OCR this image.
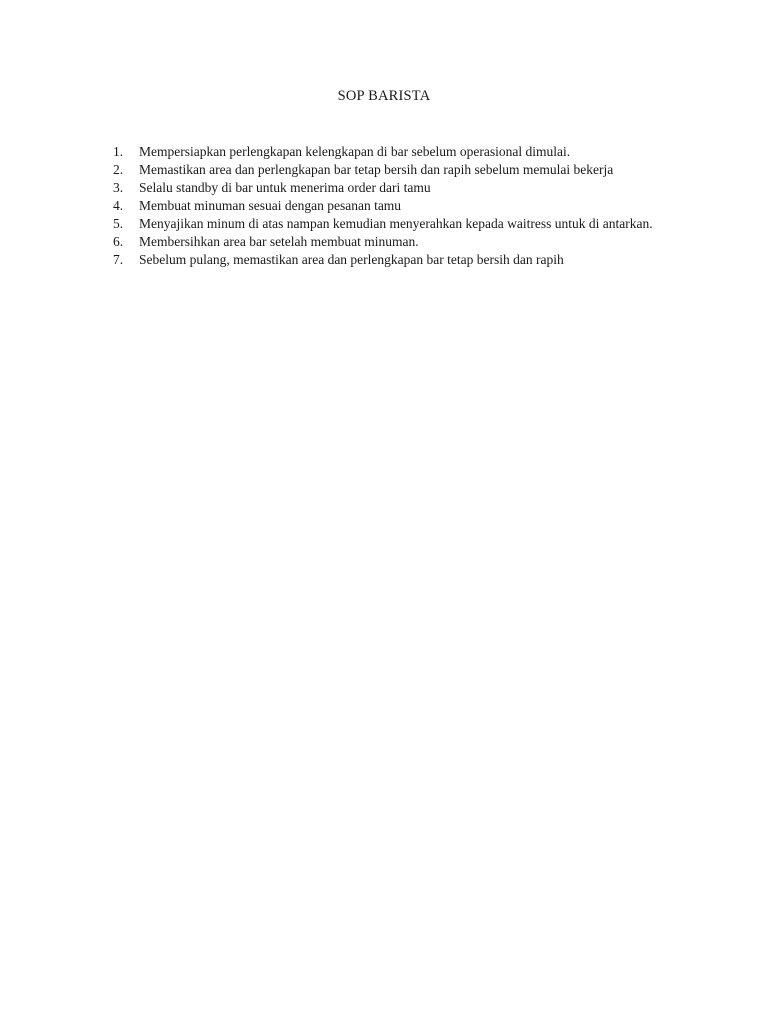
SOP BARISTA
1.	Mempersiapkan perlengkapan kelengkapan di bar sebelum operasional dimulai.
2.	Memastikan area dan perlengkapan bar tetap bersih dan rapih sebelum memulai bekerja
3.	Selalu standby di bar untuk menerima order dari tamu
4.	Membuat minuman sesuai dengan pesanan tamu
5.	Menyajikan minum di atas nampan kemudian menyerahkan kepada waitress untuk di antarkan.
6.	Membersihkan area bar setelah membuat minuman.
7.	Sebelum pulang, memastikan area dan perlengkapan bar tetap bersih dan rapih
